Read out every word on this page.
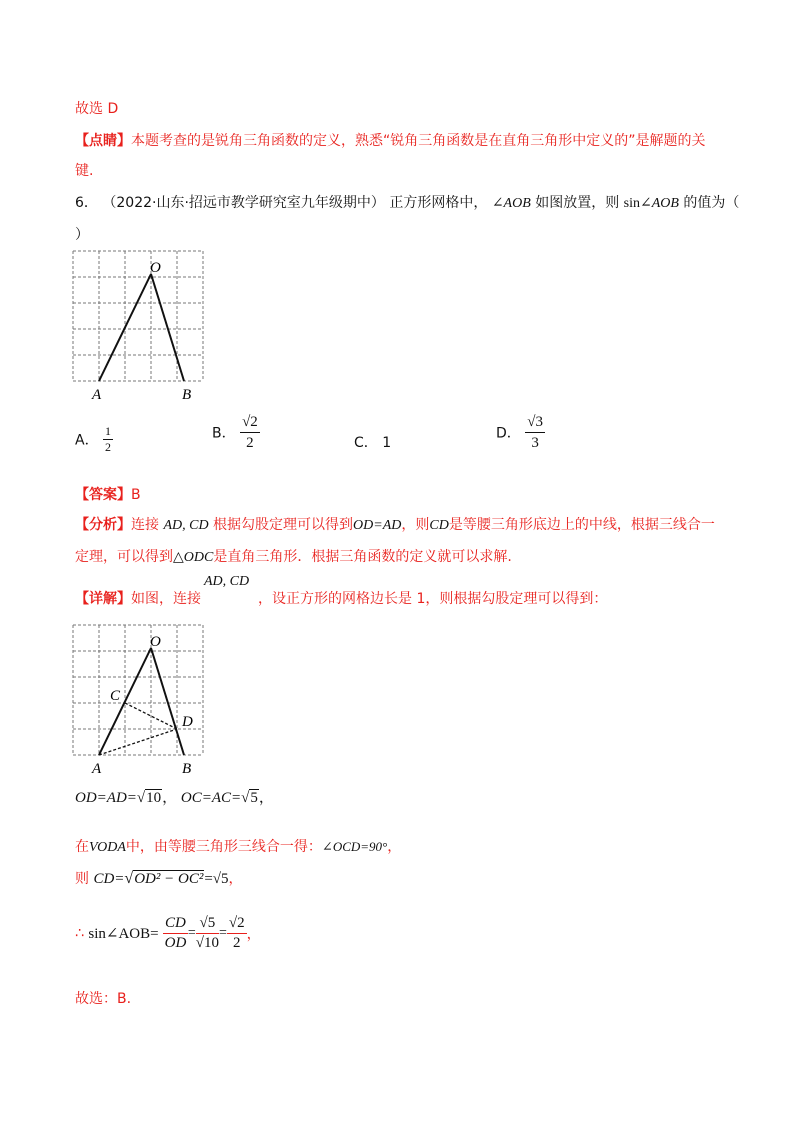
故选 D
【点睛】本题考查的是锐角三角函数的定义，熟悉“锐角三角函数是在直角三角形中定义的”是解题的关
键.
6． （2022·山东·招远市教学研究室九年级期中） 正方形网格中， ∠AOB 如图放置，则 sin∠AOB 的值为（
）
O
A	B
A． $\frac{1}{2}$	B． $\frac{√2}{2}$	C． 1
D． $\frac{√3}{3}$
【答案】B
【分析】连接 AD, CD 根据勾股定理可以得到OD=AD，则CD是等腰三角形底边上的中线，根据三线合一
定理，可以得到△ODC是直角三角形．根据三角函数的定义就可以求解.
【详解】如图，连接
AD, CD
，设正方形的网格边长是 1，则根据勾股定理可以得到：
O
C
D
A	B
OD=AD=√10， OC=AC=√5，
在VODA中，由等腰三角形三线合一得：∠OCD=90°，
则 CD=√OD² − OC²=√5，
∴ sin∠AOB= $\frac{CD}{OD} = \frac{√5}{√10} = \frac{√2}{2}$ ，
故选：B.
